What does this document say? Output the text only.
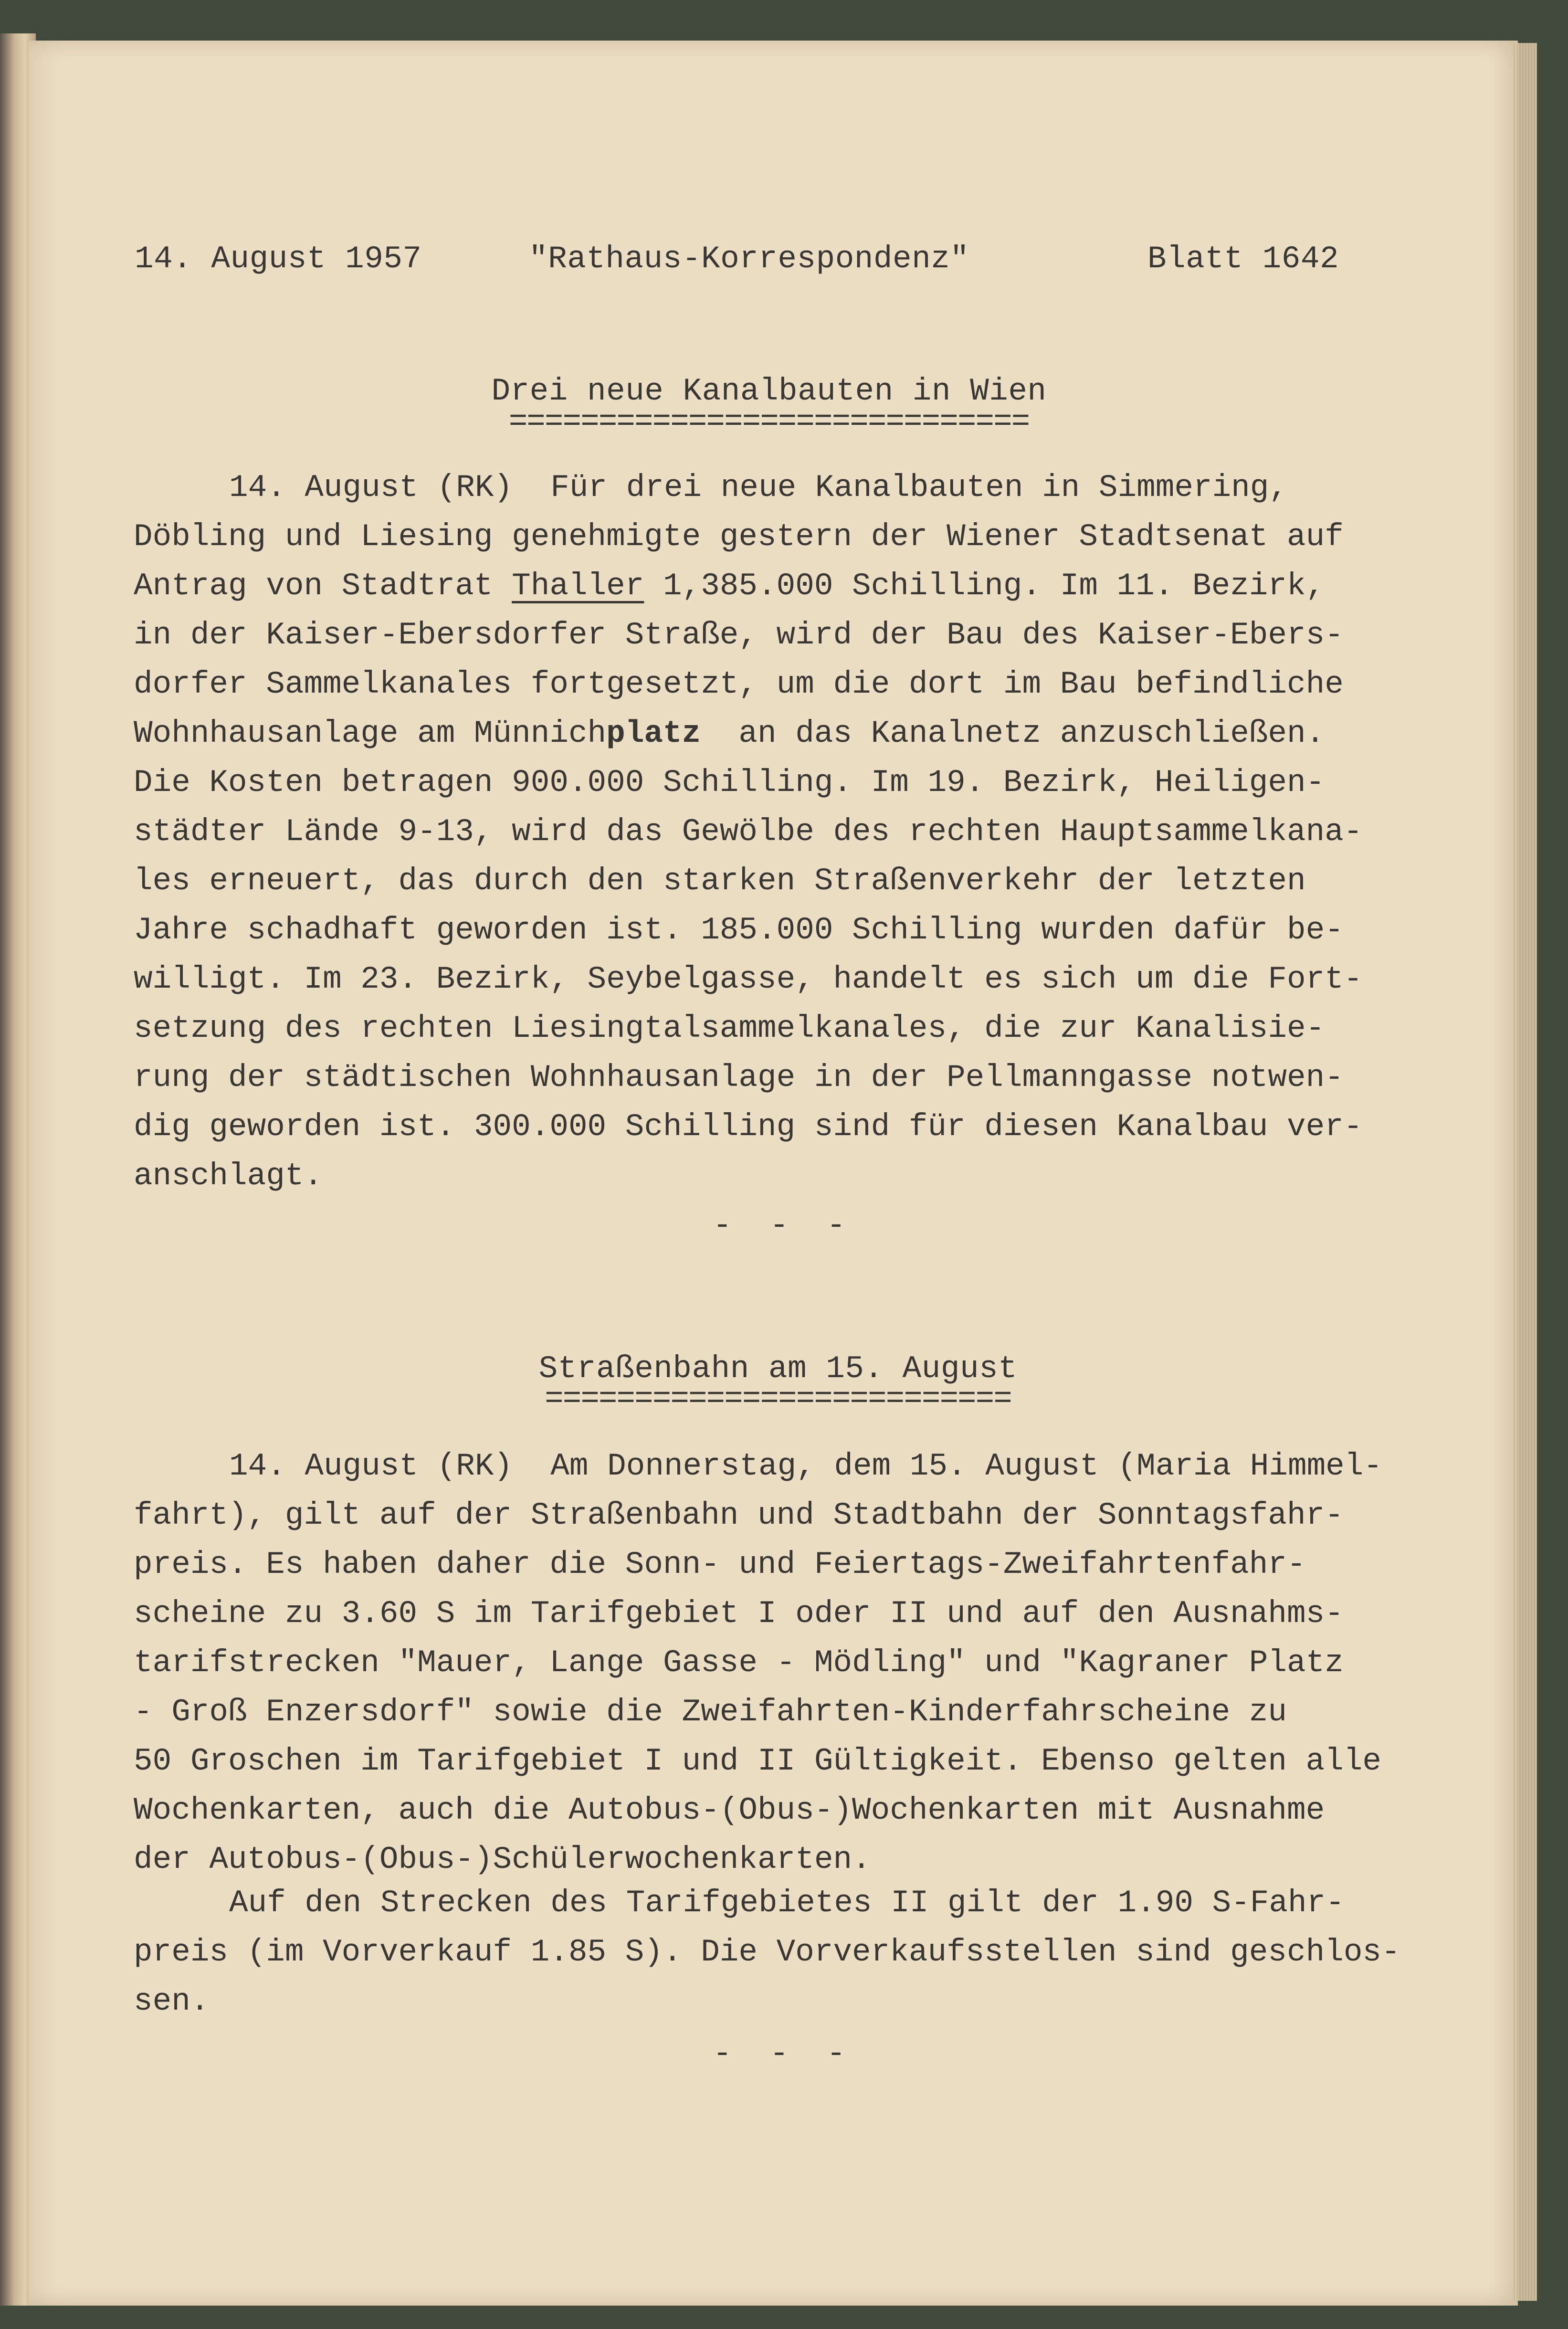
14. August 1957	"Rathaus-Korrespondenz"	Blatt 1642
Drei neue Kanalbauten in Wien
=============================
14. August (RK)  Für drei neue Kanalbauten in Simmering,
Döbling und Liesing genehmigte gestern der Wiener Stadtsenat auf
Antrag von Stadtrat Thaller 1,385.000 Schilling. Im 11. Bezirk,
in der Kaiser-Ebersdorfer Straße, wird der Bau des Kaiser-Ebers-
dorfer Sammelkanales fortgesetzt, um die dort im Bau befindliche
Wohnhausanlage am Münnichplatz  an das Kanalnetz anzuschließen.
Die Kosten betragen 900.000 Schilling. Im 19. Bezirk, Heiligen-
städter Lände 9-13, wird das Gewölbe des rechten Hauptsammelkana-
les erneuert, das durch den starken Straßenverkehr der letzten
Jahre schadhaft geworden ist. 185.000 Schilling wurden dafür be-
willigt. Im 23. Bezirk, Seybelgasse, handelt es sich um die Fort-
setzung des rechten Liesingtalsammelkanales, die zur Kanalisie-
rung der städtischen Wohnhausanlage in der Pellmanngasse notwen-
dig geworden ist. 300.000 Schilling sind für diesen Kanalbau ver-
anschlagt.
- - -
Straßenbahn am 15. August
==========================
14. August (RK)  Am Donnerstag, dem 15. August (Maria Himmel-
fahrt), gilt auf der Straßenbahn und Stadtbahn der Sonntagsfahr-
preis. Es haben daher die Sonn- und Feiertags-Zweifahrtenfahr-
scheine zu 3.60 S im Tarifgebiet I oder II und auf den Ausnahms-
tarifstrecken "Mauer, Lange Gasse - Mödling" und "Kagraner Platz
- Groß Enzersdorf" sowie die Zweifahrten-Kinderfahrscheine zu
50 Groschen im Tarifgebiet I und II Gültigkeit. Ebenso gelten alle
Wochenkarten, auch die Autobus-(Obus-)Wochenkarten mit Ausnahme
der Autobus-(Obus-)Schülerwochenkarten.
Auf den Strecken des Tarifgebietes II gilt der 1.90 S-Fahr-
preis (im Vorverkauf 1.85 S). Die Vorverkaufsstellen sind geschlos-
sen.
- - -
